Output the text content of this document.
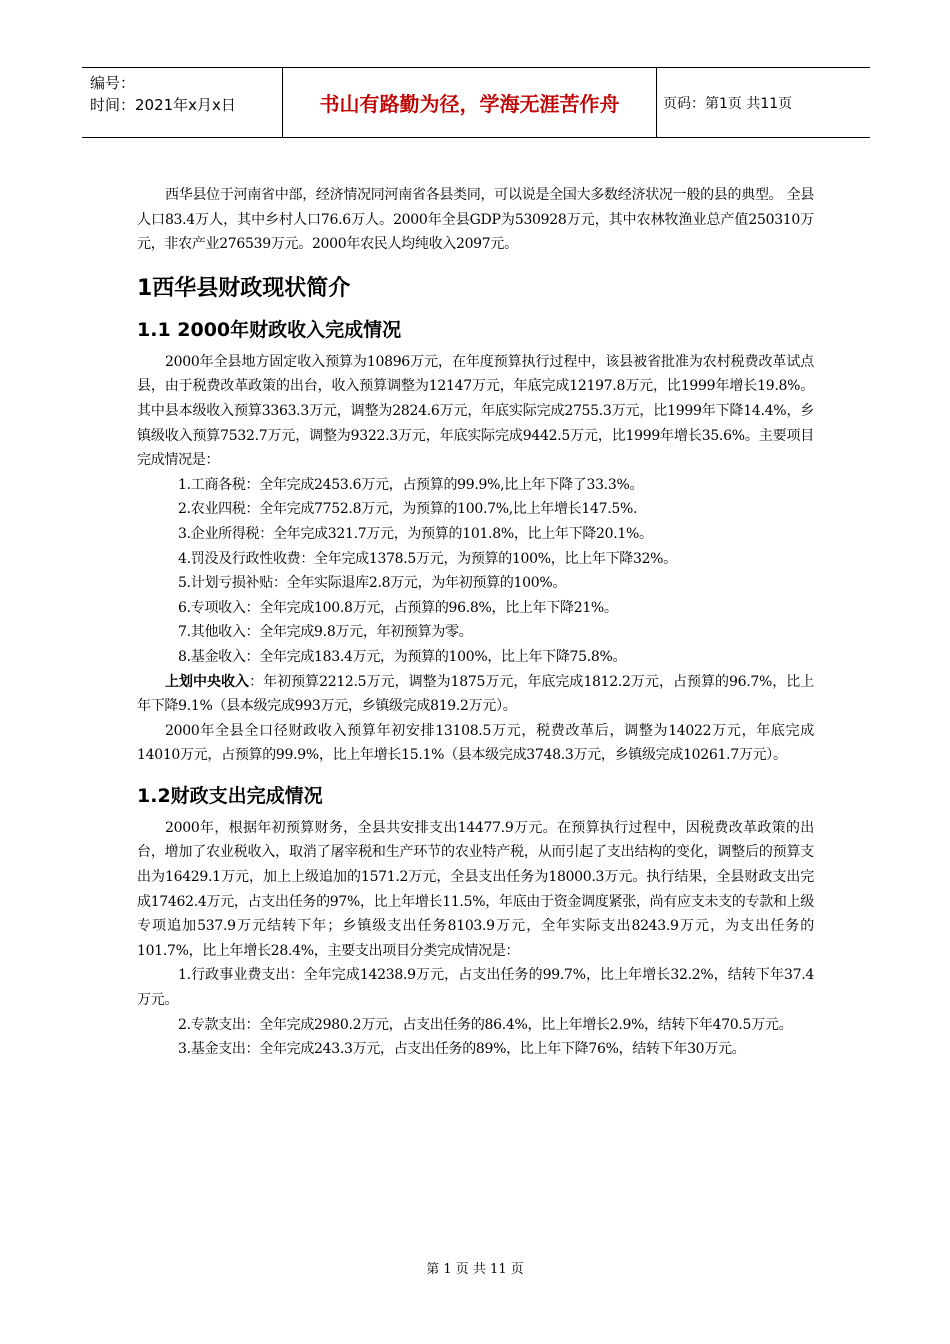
编号：
时间：2021年x月x日	书山有路勤为径，学海无涯苦作舟	页码：第1页 共11页

西华县位于河南省中部，经济情况同河南省各县类同，可以说是全国大多数经济状况一般的县的典型。 全县人口83.4万人，其中乡村人口76.6万人。2000年全县GDP为530928万元，其中农林牧渔业总产值250310万元，非农产业276539万元。2000年农民人均纯收入2097元。

1西华县财政现状简介
1.1 2000年财政收入完成情况

2000年全县地方固定收入预算为10896万元，在年度预算执行过程中，该县被省批准为农村税费改革试点县，由于税费改革政策的出台，收入预算调整为12147万元，年底完成12197.8万元，比1999年增长19.8%。其中县本级收入预算3363.3万元，调整为2824.6万元，年底实际完成2755.3万元，比1999年下降14.4%，乡镇级收入预算7532.7万元，调整为9322.3万元，年底实际完成9442.5万元，比1999年增长35.6%。主要项目完成情况是：

1.工商各税：全年完成2453.6万元，占预算的99.9%,比上年下降了33.3%。

2.农业四税：全年完成7752.8万元，为预算的100.7%,比上年增长147.5%.

3.企业所得税：全年完成321.7万元，为预算的101.8%，比上年下降20.1%。

4.罚没及行政性收费：全年完成1378.5万元，为预算的100%，比上年下降32%。

5.计划亏损补贴：全年实际退库2.8万元，为年初预算的100%。

6.专项收入：全年完成100.8万元，占预算的96.8%，比上年下降21%。

7.其他收入：全年完成9.8万元，年初预算为零。

8.基金收入：全年完成183.4万元，为预算的100%，比上年下降75.8%。

上划中央收入：年初预算2212.5万元，调整为1875万元，年底完成1812.2万元，占预算的96.7%，比上年下降9.1%（县本级完成993万元，乡镇级完成819.2万元）。

2000年全县全口径财政收入预算年初安排13108.5万元，税费改革后，调整为14022万元，年底完成14010万元，占预算的99.9%，比上年增长15.1%（县本级完成3748.3万元，乡镇级完成10261.7万元）。

1.2财政支出完成情况

2000年，根据年初预算财务，全县共安排支出14477.9万元。在预算执行过程中，因税费改革政策的出台，增加了农业税收入，取消了屠宰税和生产环节的农业特产税，从而引起了支出结构的变化，调整后的预算支出为16429.1万元，加上上级追加的1571.2万元，全县支出任务为18000.3万元。执行结果，全县财政支出完成17462.4万元，占支出任务的97%，比上年增长11.5%，年底由于资金调度紧张，尚有应支未支的专款和上级专项追加537.9万元结转下年；乡镇级支出任务8103.9万元，全年实际支出8243.9万元，为支出任务的101.7%，比上年增长28.4%，主要支出项目分类完成情况是：

1.行政事业费支出：全年完成14238.9万元，占支出任务的99.7%，比上年增长32.2%，结转下年37.4万元。

2.专款支出：全年完成2980.2万元，占支出任务的86.4%，比上年增长2.9%，结转下年470.5万元。

3.基金支出：全年完成243.3万元，占支出任务的89%，比上年下降76%，结转下年30万元。

第 1 页 共 11 页
